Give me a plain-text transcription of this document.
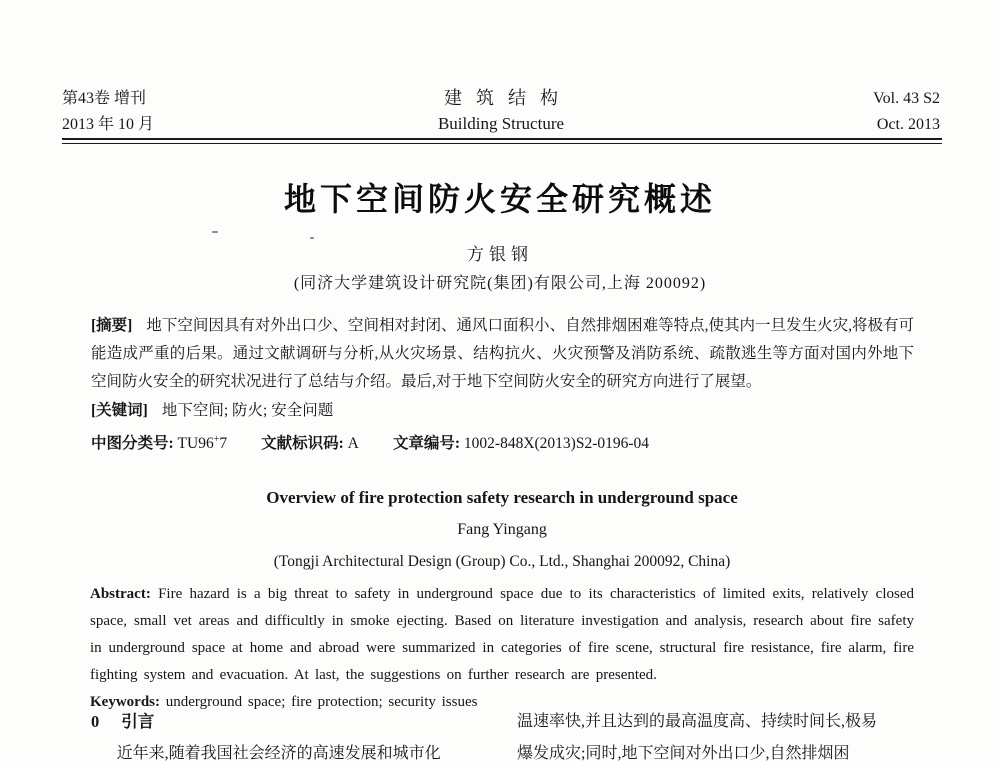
第43卷 增刊
2013 年 10 月
建筑结构
Building Structure
Vol. 43 S2
Oct. 2013
地下空间防火安全研究概述
方银钢
(同济大学建筑设计研究院(集团)有限公司,上海 200092)

[摘要] 地下空间因具有对外出口少、空间相对封闭、通风口面积小、自然排烟困难等特点,使其内一旦发生火灾,将极有可能造成严重的后果。通过文献调研与分析,从火灾场景、结构抗火、火灾预警及消防系统、疏散逃生等方面对国内外地下空间防火安全的研究状况进行了总结与介绍。最后,对于地下空间防火安全的研究方向进行了展望。

[关键词] 地下空间; 防火; 安全问题

中图分类号: TU96+7 文献标识码: A 文章编号: 1002-848X(2013)S2-0196-04

Overview of fire protection safety research in underground space
Fang Yingang
(Tongji Architectural Design (Group) Co., Ltd., Shanghai 200092, China)

Abstract: Fire hazard is a big threat to safety in underground space due to its characteristics of limited exits, relatively closed space, small vet areas and difficultly in smoke ejecting. Based on literature investigation and analysis, research about fire safety in underground space at home and abroad were summarized in categories of fire scene, structural fire resistance, fire alarm, fire fighting system and evacuation. At last, the suggestions on further research are presented.

Keywords: underground space; fire protection; security issues

0 引言

近年来,随着我国社会经济的高速发展和城市化

温速率快,并且达到的最高温度高、持续时间长,极易
爆发成灾;同时,地下空间对外出口少,自然排烟困
